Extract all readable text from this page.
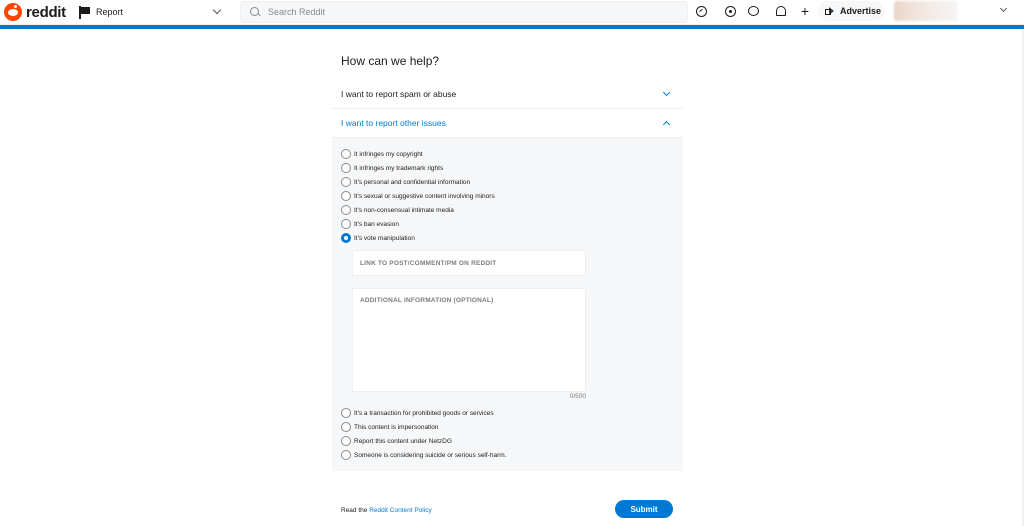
reddit	Report
Search Reddit	+	Advertise
How can we help?
I want to report spam or abuse
I want to report other issues
It infringes my copyright
It infringes my trademark rights
It's personal and confidential information
It's sexual or suggestive content involving minors
It's non-consensual intimate media
It's ban evasion
It's vote manipulation
LINK TO POST/COMMENT/PM ON REDDIT
ADDITIONAL INFORMATION (OPTIONAL)
0/500
It's a transaction for prohibited goods or services
This content is impersonation
Report this content under NetzDG
Someone is considering suicide or serious self-harm.
Read the Reddit Content Policy	Submit
